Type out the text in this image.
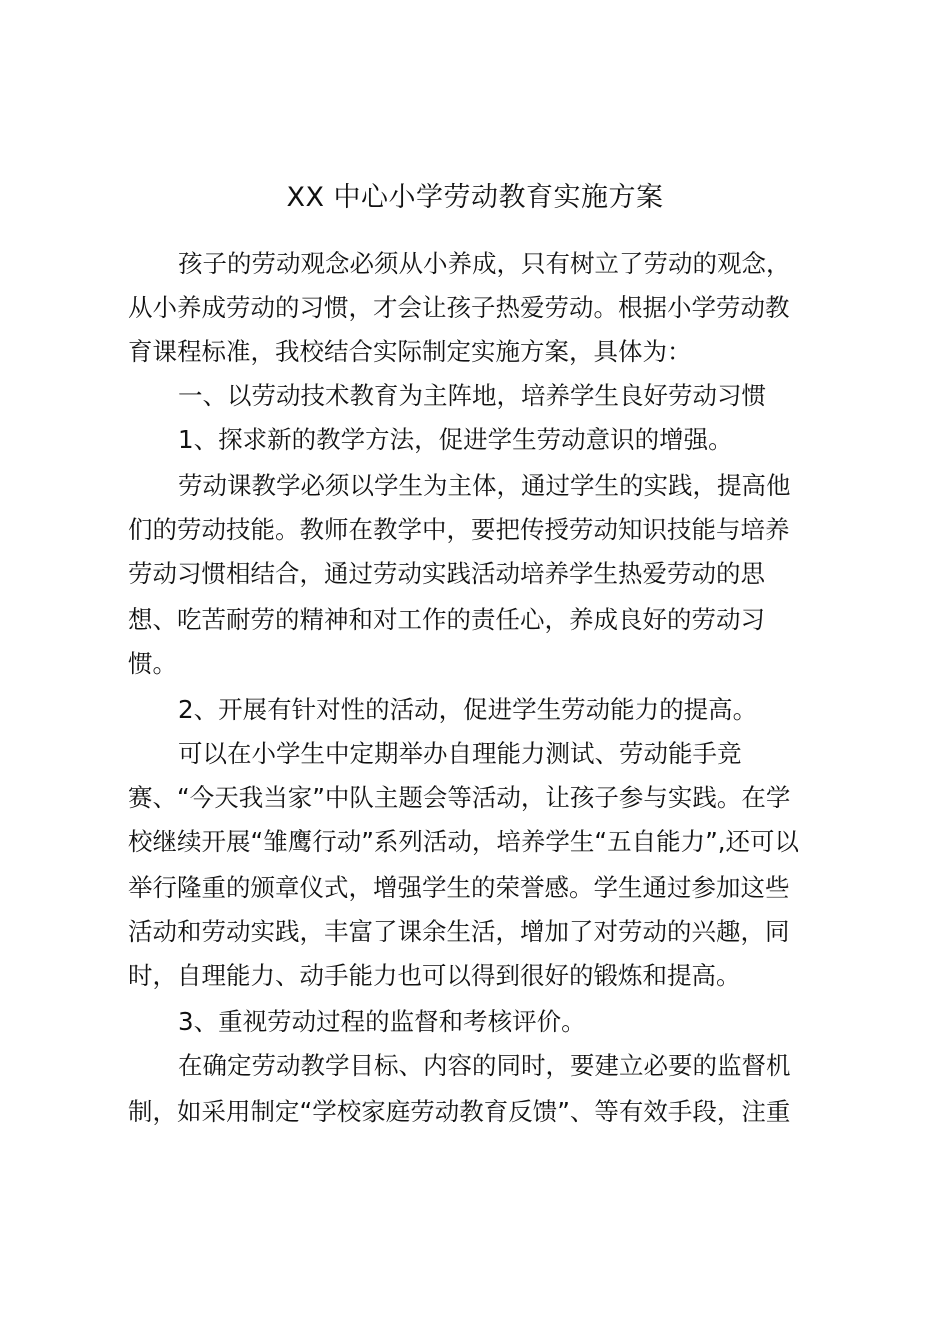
XX 中心小学劳动教育实施方案

孩子的劳动观念必须从小养成，只有树立了劳动的观念，

从小养成劳动的习惯，才会让孩子热爱劳动。根据小学劳动教

育课程标准，我校结合实际制定实施方案，具体为：

一、以劳动技术教育为主阵地，培养学生良好劳动习惯

1、探求新的教学方法，促进学生劳动意识的增强。

劳动课教学必须以学生为主体，通过学生的实践，提高他

们的劳动技能。教师在教学中，要把传授劳动知识技能与培养

劳动习惯相结合，通过劳动实践活动培养学生热爱劳动的思

想、吃苦耐劳的精神和对工作的责任心，养成良好的劳动习

惯。

2、开展有针对性的活动，促进学生劳动能力的提高。

可以在小学生中定期举办自理能力测试、劳动能手竞

赛、“今天我当家”中队主题会等活动，让孩子参与实践。在学

校继续开展“雏鹰行动”系列活动，培养学生“五自能力”,还可以

举行隆重的颁章仪式，增强学生的荣誉感。学生通过参加这些

活动和劳动实践，丰富了课余生活，增加了对劳动的兴趣，同

时，自理能力、动手能力也可以得到很好的锻炼和提高。

3、重视劳动过程的监督和考核评价。

在确定劳动教学目标、内容的同时，要建立必要的监督机

制，如采用制定“学校家庭劳动教育反馈”、等有效手段，注重
